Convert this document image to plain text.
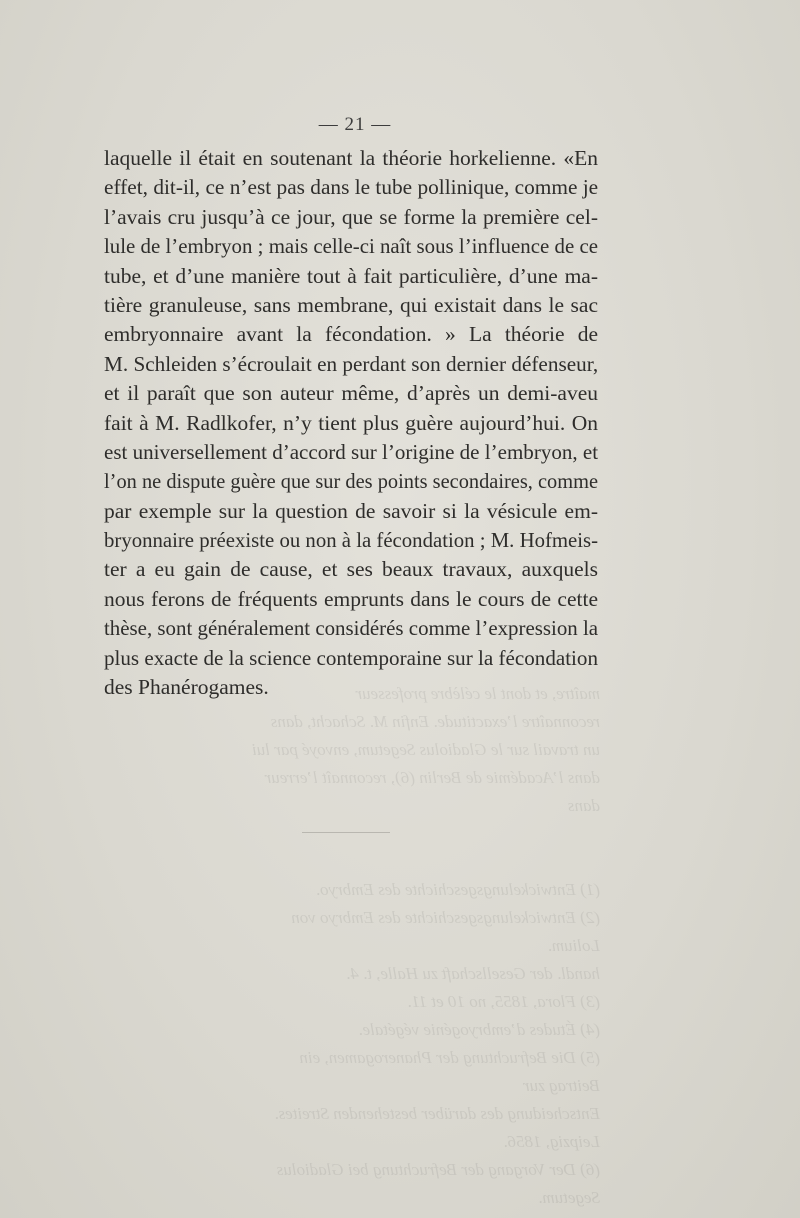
maître, et dont le célèbre professeur
reconnaître l’exactitude. Enfin M. Schacht, dans
un travail sur le Gladiolus Segetum, envoyé par lui
dans l’Académie de Berlin (6), reconnaît l’erreur dans

(1) Entwickelungsgeschichte des Embryo.
(2) Entwickelungsgeschichte des Embryo von Lolium.
handl. der Gesellschaft zu Halle, t. 4.
(3) Flora, 1855, no 10 et 11.
(4) Études d’embryogénie végétale.
(5) Die Befruchtung der Phanerogamen, ein Beitrag zur
Entscheidung des darüber bestehenden Streites.
Leipzig, 1856.
(6) Der Vorgang der Befruchtung bei Gladiolus Segetum.
— 21 —
laquelle il était en soutenant la théorie horkelienne. «En
effet, dit-il, ce n’est pas dans le tube pollinique, comme je
l’avais cru jusqu’à ce jour, que se forme la première cel-
lule de l’embryon ; mais celle-ci naît sous l’influence de ce
tube, et d’une manière tout à fait particulière, d’une ma-
tière granuleuse, sans membrane, qui existait dans le sac
embryonnaire avant la fécondation. » La théorie de
M. Schleiden s’écroulait en perdant son dernier défenseur,
et il paraît que son auteur même, d’après un demi-aveu
fait à M. Radlkofer, n’y tient plus guère aujourd’hui. On
est universellement d’accord sur l’origine de l’embryon, et
l’on ne dispute guère que sur des points secondaires, comme
par exemple sur la question de savoir si la vésicule em-
bryonnaire préexiste ou non à la fécondation ; M. Hofmeis-
ter a eu gain de cause, et ses beaux travaux, auxquels
nous ferons de fréquents emprunts dans le cours de cette
thèse, sont généralement considérés comme l’expression la
plus exacte de la science contemporaine sur la fécondation
des Phanérogames.
